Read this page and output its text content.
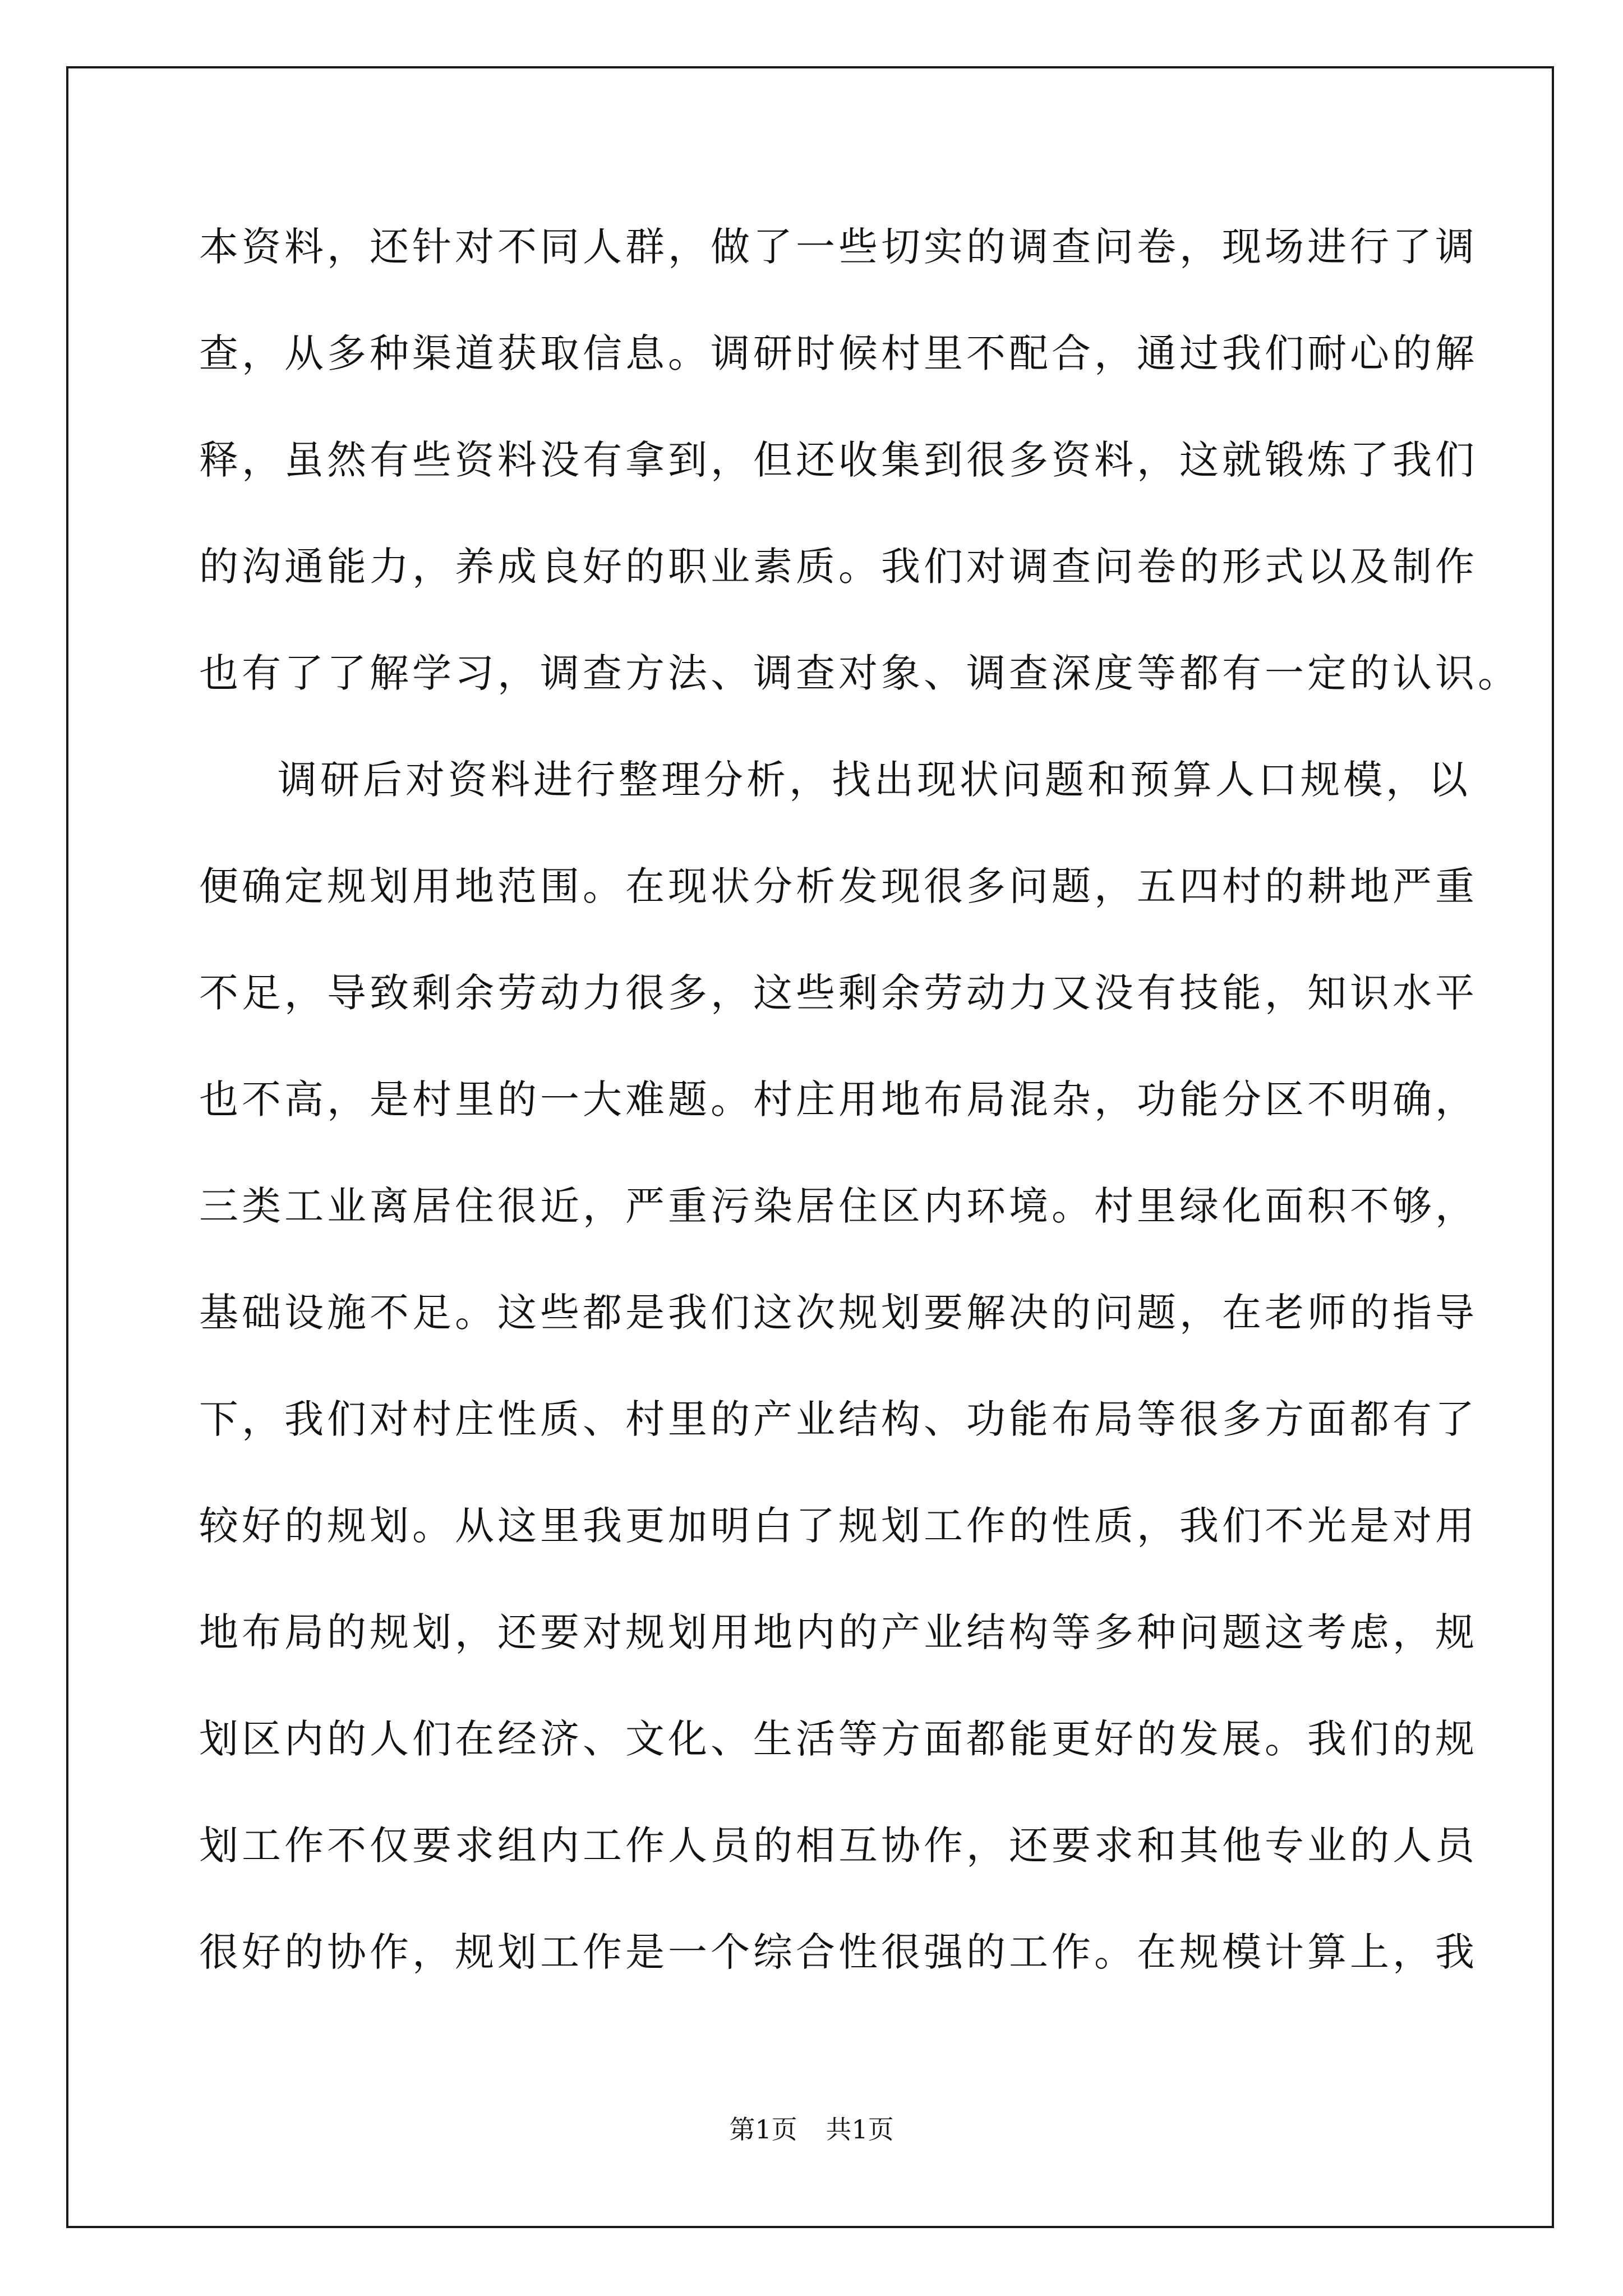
本资料，还针对不同人群，做了一些切实的调查问卷，现场进行了调
查，从多种渠道获取信息。调研时候村里不配合，通过我们耐心的解
释，虽然有些资料没有拿到，但还收集到很多资料，这就锻炼了我们
的沟通能力，养成良好的职业素质。我们对调查问卷的形式以及制作
也有了了解学习，调查方法、调查对象、调查深度等都有一定的认识。
调研后对资料进行整理分析，找出现状问题和预算人口规模，以
便确定规划用地范围。在现状分析发现很多问题，五四村的耕地严重
不足，导致剩余劳动力很多，这些剩余劳动力又没有技能，知识水平
也不高，是村里的一大难题。村庄用地布局混杂，功能分区不明确，
三类工业离居住很近，严重污染居住区内环境。村里绿化面积不够，
基础设施不足。这些都是我们这次规划要解决的问题，在老师的指导
下，我们对村庄性质、村里的产业结构、功能布局等很多方面都有了
较好的规划。从这里我更加明白了规划工作的性质，我们不光是对用
地布局的规划，还要对规划用地内的产业结构等多种问题这考虑，规
划区内的人们在经济、文化、生活等方面都能更好的发展。我们的规
划工作不仅要求组内工作人员的相互协作，还要求和其他专业的人员
很好的协作，规划工作是一个综合性很强的工作。在规模计算上，我
第1页 共1页
